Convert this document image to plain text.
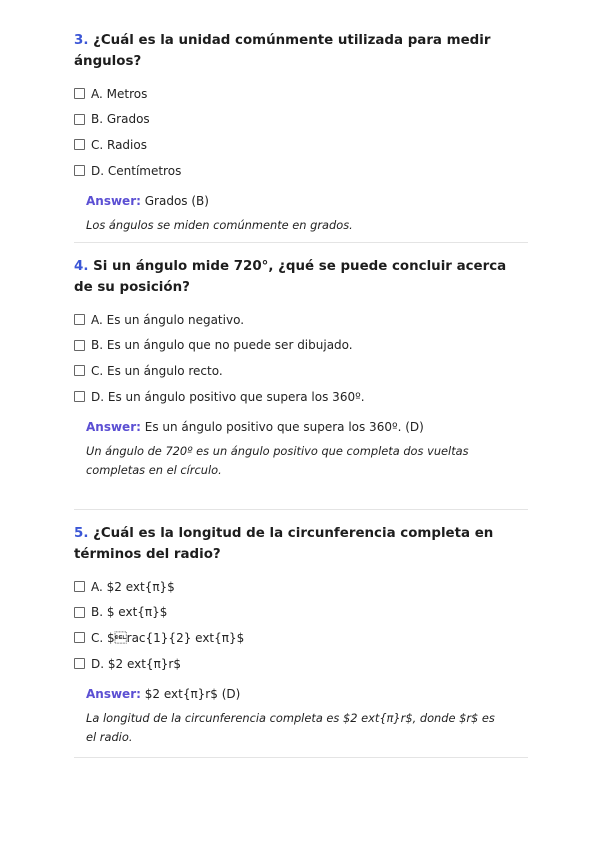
3. ¿Cuál es la unidad comúnmente utilizada para medir ángulos?

A. Metros
B. Grados
C. Radios
D. Centímetros
Answer: Grados (B)
Los ángulos se miden comúnmente en grados.

4. Si un ángulo mide 720°, ¿qué se puede concluir acerca de su posición?

A. Es un ángulo negativo.
B. Es un ángulo que no puede ser dibujado.
C. Es un ángulo recto.
D. Es un ángulo positivo que supera los 360º.
Answer: Es un ángulo positivo que supera los 360º. (D)
Un ángulo de 720º es un ángulo positivo que completa dos vueltas completas en el círculo.

5. ¿Cuál es la longitud de la circunferencia completa en términos del radio?

A. $2 ext{π}$
B. $ ext{π}$
C. $rac{1}{2} ext{π}$
D. $2 ext{π}r$
Answer: $2 ext{π}r$ (D)
La longitud de la circunferencia completa es $2 ext{π}r$, donde $r$ es el radio.
